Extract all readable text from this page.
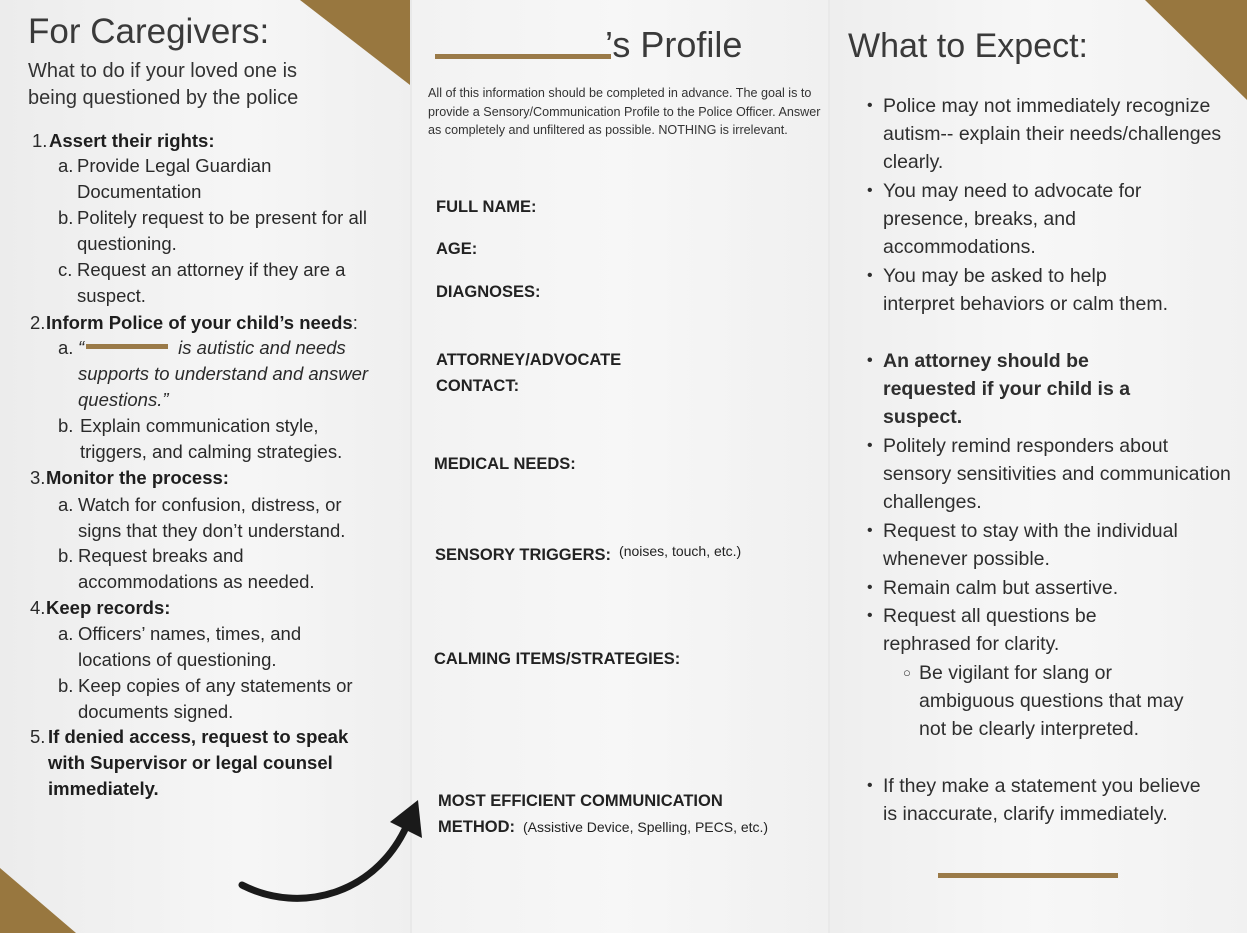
For Caregivers:
What to do if your loved one is being questioned by the police
1. Assert their rights:
a. Provide Legal Guardian Documentation
b. Politely request to be present for all questioning.
c. Request an attorney if they are a suspect.
2. Inform Police of your child’s needs:
a. “	is autistic and needs supports to understand and answer questions.”
b. Explain communication style, triggers, and calming strategies.
3. Monitor the process:
a. Watch for confusion, distress, or signs that they don’t understand.
b. Request breaks and accommodations as needed.
4. Keep records:
a. Officers’ names, times, and locations of questioning.
b. Keep copies of any statements or documents signed.
5. If denied access, request to speak with Supervisor or legal counsel immediately.
’s Profile
All of this information should be completed in advance. The goal is to provide a Sensory/Communication Profile to the Police Officer. Answer as completely and unfiltered as possible. NOTHING is irrelevant.
FULL NAME:
AGE:
DIAGNOSES:
ATTORNEY/ADVOCATE CONTACT:
MEDICAL NEEDS:
SENSORY TRIGGERS: $^{(noises, touch, etc.)}$
CALMING ITEMS/STRATEGIES:
MOST EFFICIENT COMMUNICATION
METHOD: (Assistive Device, Spelling, PECS, etc.)
What to Expect:
• Police may not immediately recognize autism-- explain their needs/challenges clearly.
• You may need to advocate for presence, breaks, and accommodations.
• You may be asked to help interpret behaviors or calm them.
• An attorney should be requested if your child is a suspect.
• Politely remind responders about sensory sensitivities and communication challenges.
• Request to stay with the individual whenever possible.
• Remain calm but assertive.
• Request all questions be rephrased for clarity.
○ Be vigilant for slang or ambiguous questions that may not be clearly interpreted.
• If they make a statement you believe is inaccurate, clarify immediately.
